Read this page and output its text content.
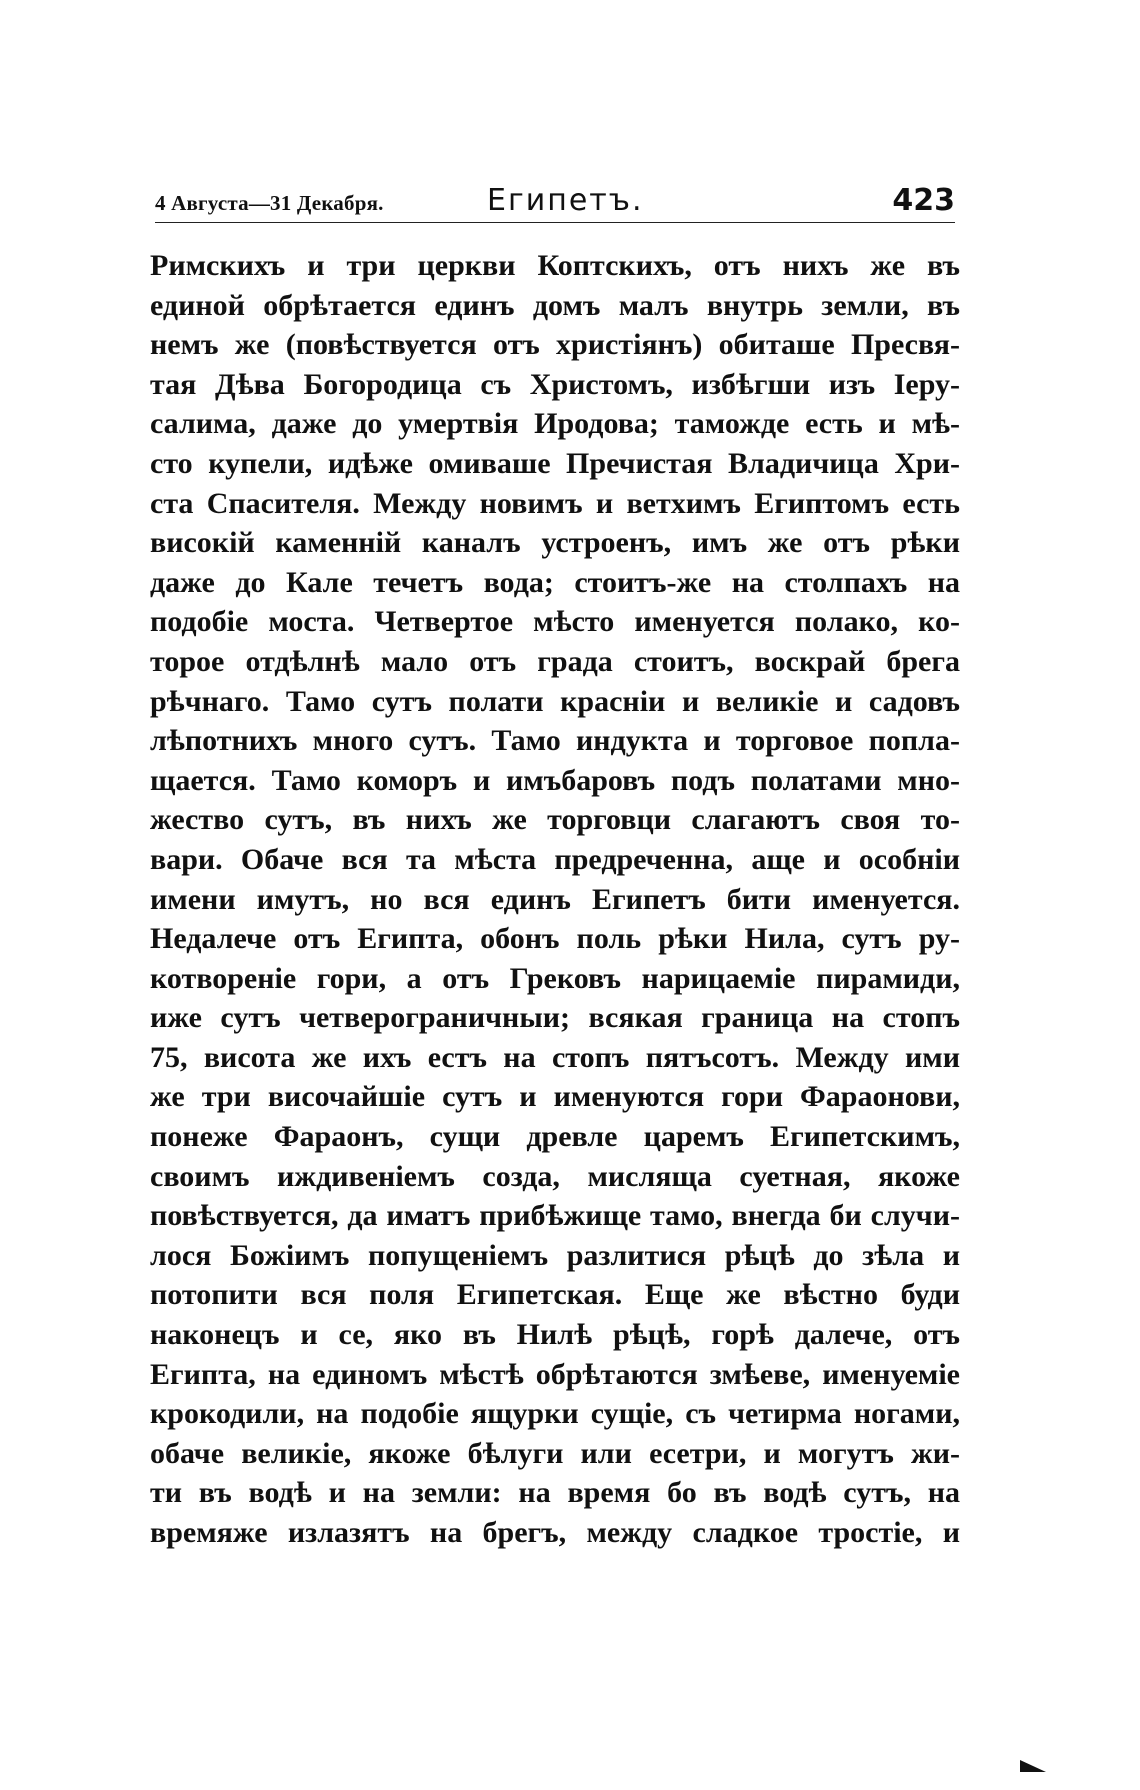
4 Августа—31 Декабря.	Египетъ.	423
Римскихъ и три церкви Коптскихъ, отъ нихъ же въ
единой обрѣтается единъ домъ малъ внутрь земли, въ
немъ же (повѣствуется отъ христіянъ) обиташе Пресвя-
тая Дѣва Богородица съ Христомъ, избѣгши изъ Іеру-
салима, даже до умертвія Иродова; тамождe есть и мѣ-
сто купели, идѣже омиваше Пречистая Владичица Хри-
ста Спасителя. Между новимъ и ветхимъ Египтомъ есть
високій каменній каналъ устроенъ, имъ же отъ рѣки
даже до Кале течетъ вода; стоитъ-же на столпахъ на
подобіе моста. Четвертое мѣсто именуется полако, ко-
торое отдѣлнѣ мало отъ града стоитъ, воскрай брега
рѣчнаго. Тамо сутъ полати красніи и великіе и садовъ
лѣпотнихъ много сутъ. Тамо индукта и торговое попла-
щается. Тамо коморъ и имъбаровъ подъ полатами мно-
жество сутъ, въ нихъ же торговци слагаютъ своя то-
вари. Обаче вся та мѣста предреченна, аще и особніи
имени имутъ, но вся единъ Египетъ бити именуется.
Недалече отъ Египта, обонъ поль рѣки Нила, сутъ ру-
котвореніе гори, а отъ Грековъ нарицаеміе пирамиди,
иже сутъ четверограничныи; всякая граница на стопъ
75, висота же ихъ естъ на стопъ пятъсотъ. Между ими
же три височайшіе сутъ и именуются гори Фараонови,
понеже Фараонъ, сущи древле царемъ Египетскимъ,
своимъ иждивеніемъ созда, мисляща суетная, якоже
повѣствуется, да иматъ прибѣжище тамо, внегда би случи-
лося Божіимъ попущеніемъ разлитися рѣцѣ до зѣла и
потопити вся поля Египетская. Еще же вѣстно буди
наконецъ и се, яко въ Нилѣ рѣцѣ, горѣ далече, отъ
Египта, на единомъ мѣстѣ обрѣтаются змѣеве, именуеміе
крокодили, на подобіе ящурки сущіе, съ четирма ногами,
обаче великіе, якоже бѣлуги или есетри, и могутъ жи-
ти въ водѣ и на земли: на время бо въ водѣ сутъ, на
времяже излазятъ на брегъ, между сладкое тростіе, и
